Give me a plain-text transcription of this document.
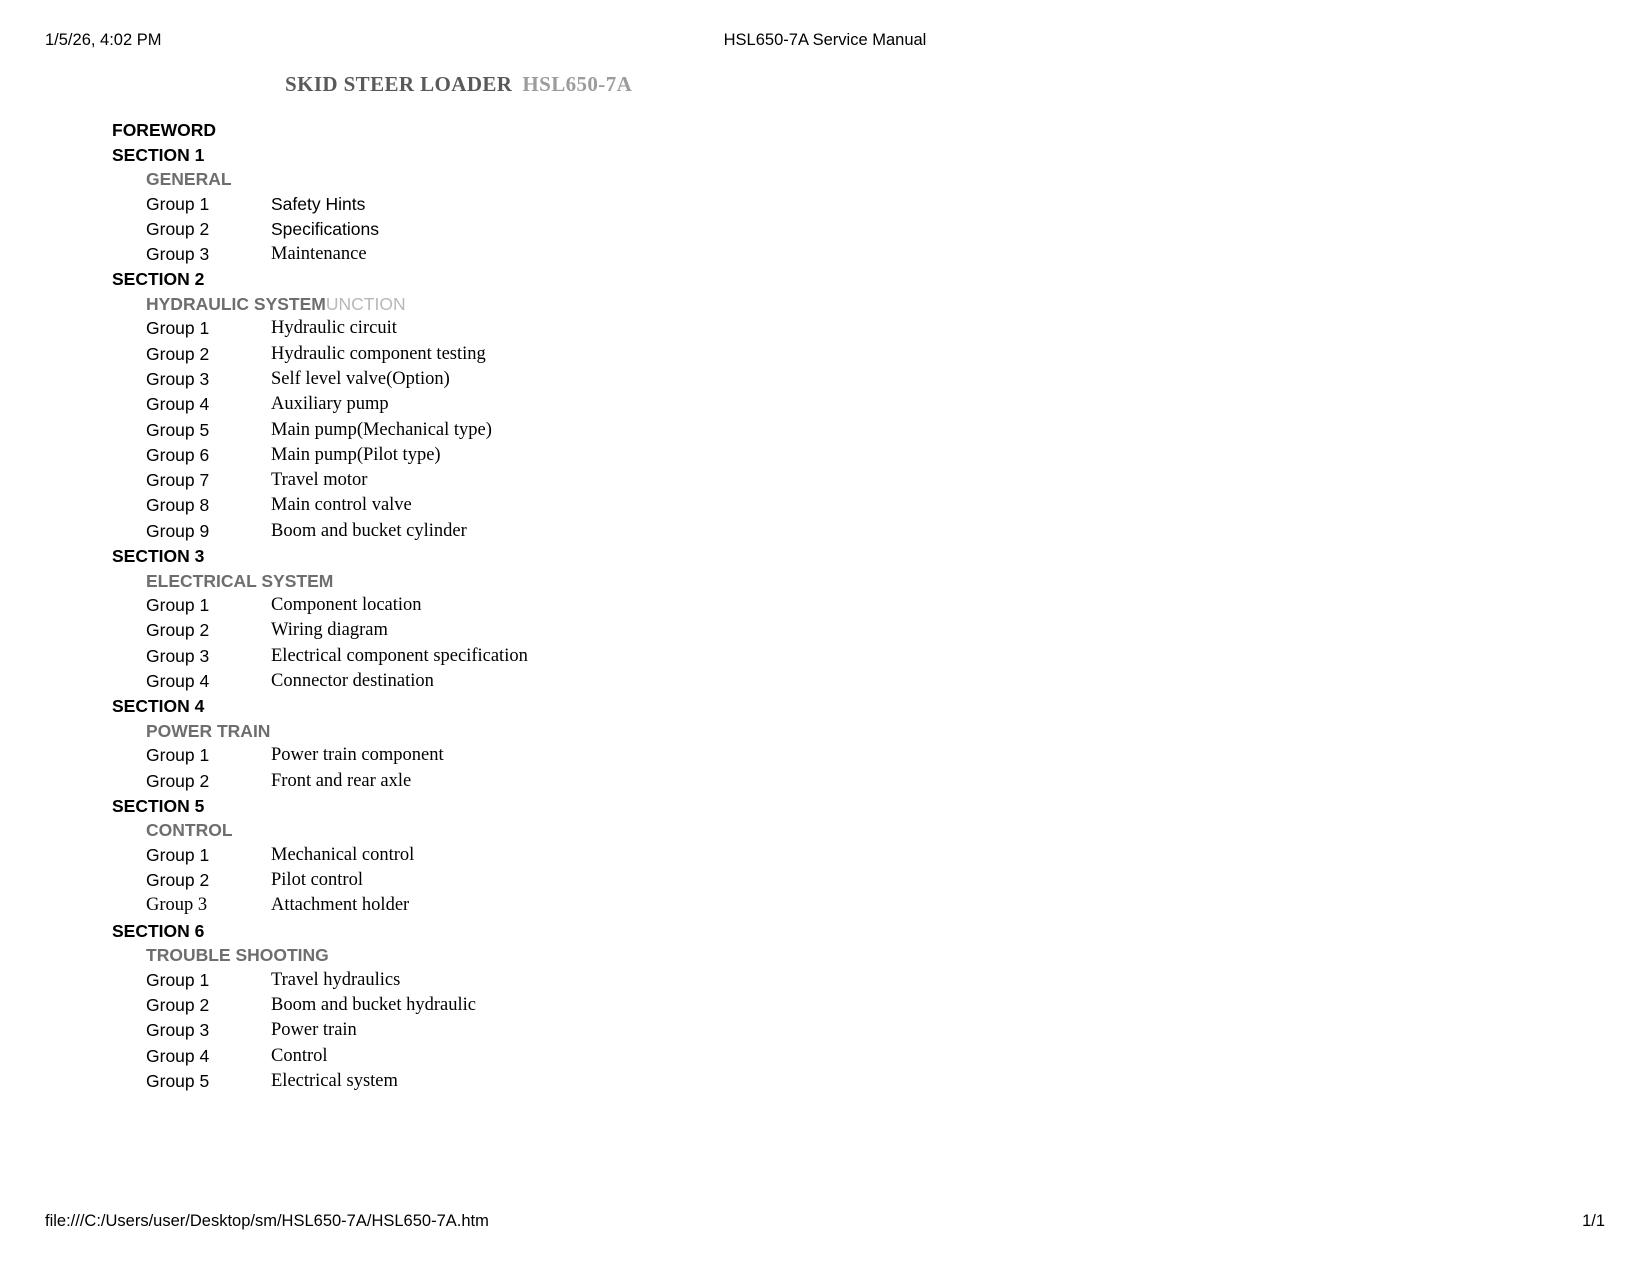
1/5/26, 4:02 PM	HSL650-7A Service Manual
SKID STEER LOADER HSL650-7A
FOREWORD
SECTION 1
GENERAL
Group 1	Safety Hints
Group 2	Specifications
Group 3	Maintenance
SECTION 2
HYDRAULIC SYSTEMUNCTION
Group 1	Hydraulic circuit
Group 2	Hydraulic component testing
Group 3	Self level valve(Option)
Group 4	Auxiliary pump
Group 5	Main pump(Mechanical type)
Group 6	Main pump(Pilot type)
Group 7	Travel motor
Group 8	Main control valve
Group 9	Boom and bucket cylinder
SECTION 3
ELECTRICAL SYSTEM
Group 1	Component location
Group 2	Wiring diagram
Group 3	Electrical component specification
Group 4	Connector destination
SECTION 4
POWER TRAIN
Group 1	Power train component
Group 2	Front and rear axle
SECTION 5
CONTROL
Group 1	Mechanical control
Group 2	Pilot control
Group 3	Attachment holder
SECTION 6
TROUBLE SHOOTING
Group 1	Travel hydraulics
Group 2	Boom and bucket hydraulic
Group 3	Power train
Group 4	Control
Group 5	Electrical system
file:///C:/Users/user/Desktop/sm/HSL650-7A/HSL650-7A.htm	1/1
